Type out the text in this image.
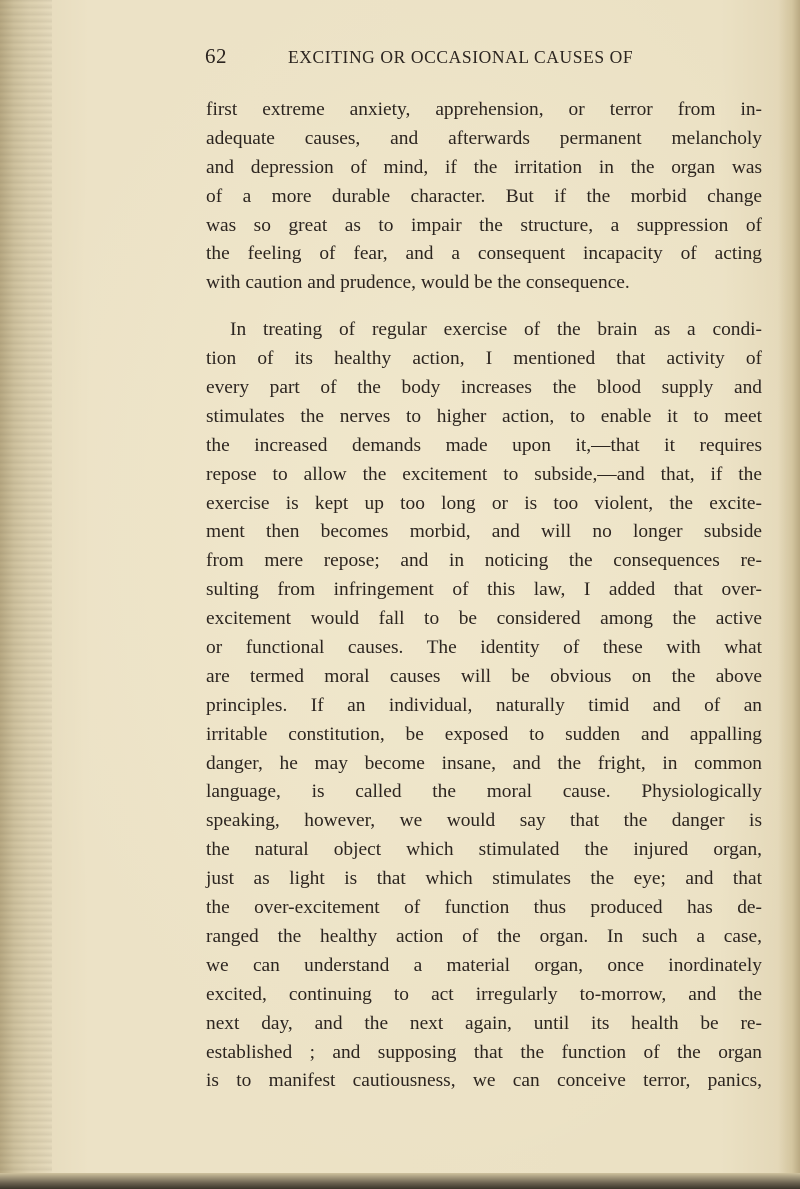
62	EXCITING OR OCCASIONAL CAUSES OF
first extreme anxiety, apprehension, or terror from in-
adequate causes, and afterwards permanent melancholy
and depression of mind, if the irritation in the organ was
of a more durable character. But if the morbid change
was so great as to impair the structure, a suppression of
the feeling of fear, and a consequent incapacity of acting
with caution and prudence, would be the consequence.
In treating of regular exercise of the brain as a condi-
tion of its healthy action, I mentioned that activity of
every part of the body increases the blood supply and
stimulates the nerves to higher action, to enable it to meet
the increased demands made upon it,—that it requires
repose to allow the excitement to subside,—and that, if the
exercise is kept up too long or is too violent, the excite-
ment then becomes morbid, and will no longer subside
from mere repose; and in noticing the consequences re-
sulting from infringement of this law, I added that over-
excitement would fall to be considered among the active
or functional causes. The identity of these with what
are termed moral causes will be obvious on the above
principles. If an individual, naturally timid and of an
irritable constitution, be exposed to sudden and appalling
danger, he may become insane, and the fright, in common
language, is called the moral cause. Physiologically
speaking, however, we would say that the danger is
the natural object which stimulated the injured organ,
just as light is that which stimulates the eye; and that
the over-excitement of function thus produced has de-
ranged the healthy action of the organ. In such a case,
we can understand a material organ, once inordinately
excited, continuing to act irregularly to-morrow, and the
next day, and the next again, until its health be re-
established ; and supposing that the function of the organ
is to manifest cautiousness, we can conceive terror, panics,
